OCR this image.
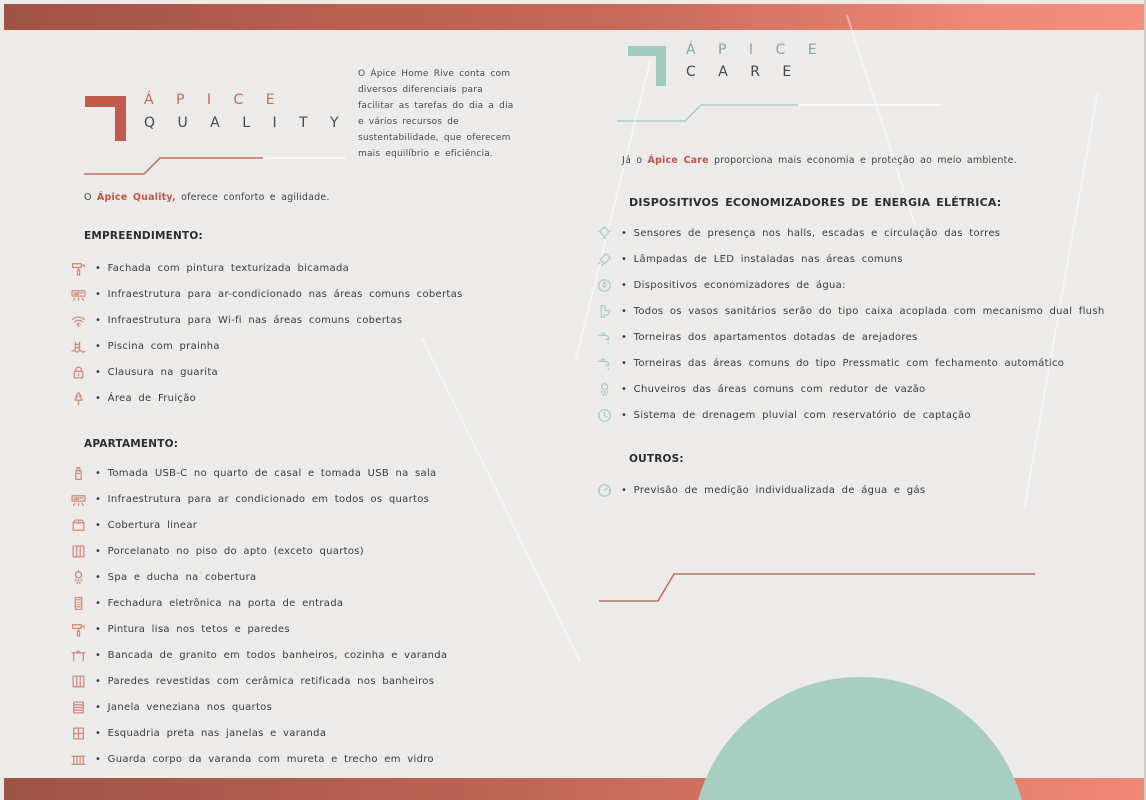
Á P I C E
Q U A L I T Y
O Ápice Home Rive conta com diversos diferenciais para facilitar as tarefas do dia a dia e vários recursos de sustentabilidade, que oferecem mais equilíbrio e eficiência.
O Ápice Quality, oferece conforto e agilidade.
EMPREENDIMENTO:
• Fachada com pintura texturizada bicamada
• Infraestrutura para ar-condicionado nas áreas comuns cobertas
• Infraestrutura para Wi-fi nas áreas comuns cobertas
• Piscina com prainha
• Clausura na guarita
• Área de Fruição
APARTAMENTO:
• Tomada USB-C no quarto de casal e tomada USB na sala
• Infraestrutura para ar condicionado em todos os quartos
• Cobertura linear
• Porcelanato no piso do apto (exceto quartos)
• Spa e ducha na cobertura
• Fechadura eletrônica na porta de entrada
• Pintura lisa nos tetos e paredes
• Bancada de granito em todos banheiros, cozinha e varanda
• Paredes revestidas com cerâmica retificada nos banheiros
• Janela veneziana nos quartos
• Esquadria preta nas janelas e varanda
• Guarda corpo da varanda com mureta e trecho em vidro
Á P I C E
C A R E
Já o Ápice Care proporciona mais economia e proteção ao meio ambiente.
DISPOSITIVOS ECONOMIZADORES DE ENERGIA ELÉTRICA:
• Sensores de presença nos halls, escadas e circulação das torres
• Lâmpadas de LED instaladas nas áreas comuns
• Dispositivos economizadores de água:
• Todos os vasos sanitários serão do tipo caixa acoplada com mecanismo dual flush
• Torneiras dos apartamentos dotadas de arejadores
• Torneiras das áreas comuns do tipo Pressmatic com fechamento automático
• Chuveiros das áreas comuns com redutor de vazão
• Sistema de drenagem pluvial com reservatório de captação
OUTROS:
• Previsão de medição individualizada de água e gás
